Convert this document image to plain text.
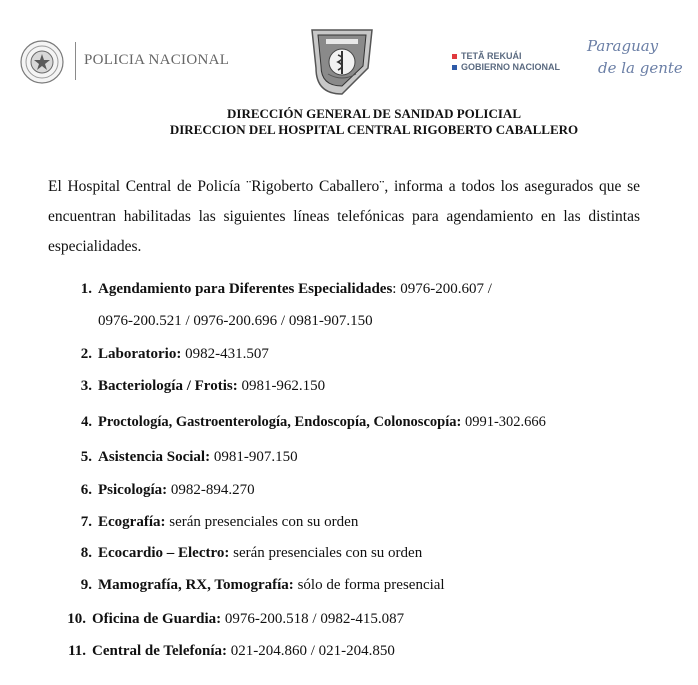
POLICIA NACIONAL	TETÃ REKUÁI
GOBIERNO NACIONAL
Paraguay
de la gente
DIRECCIÓN GENERAL DE SANIDAD POLICIAL
DIRECCION DEL HOSPITAL CENTRAL RIGOBERTO CABALLERO
El Hospital Central de Policía ¨Rigoberto Caballero¨, informa a todos los asegurados que se encuentran habilitadas las siguientes líneas telefónicas para agendamiento en las distintas especialidades.
1. Agendamiento para Diferentes Especialidades: 0976-200.607 /
0976-200.521 / 0976-200.696 / 0981-907.150
2. Laboratorio: 0982-431.507
3. Bacteriología / Frotis: 0981-962.150
4. Proctología, Gastroenterología, Endoscopía, Colonoscopía: 0991-302.666
5. Asistencia Social: 0981-907.150
6. Psicología: 0982-894.270
7. Ecografía: serán presenciales con su orden
8. Ecocardio – Electro: serán presenciales con su orden
9. Mamografía, RX, Tomografía: sólo de forma presencial
10. Oficina de Guardia: 0976-200.518 / 0982-415.087
11. Central de Telefonía: 021-204.860 / 021-204.850
